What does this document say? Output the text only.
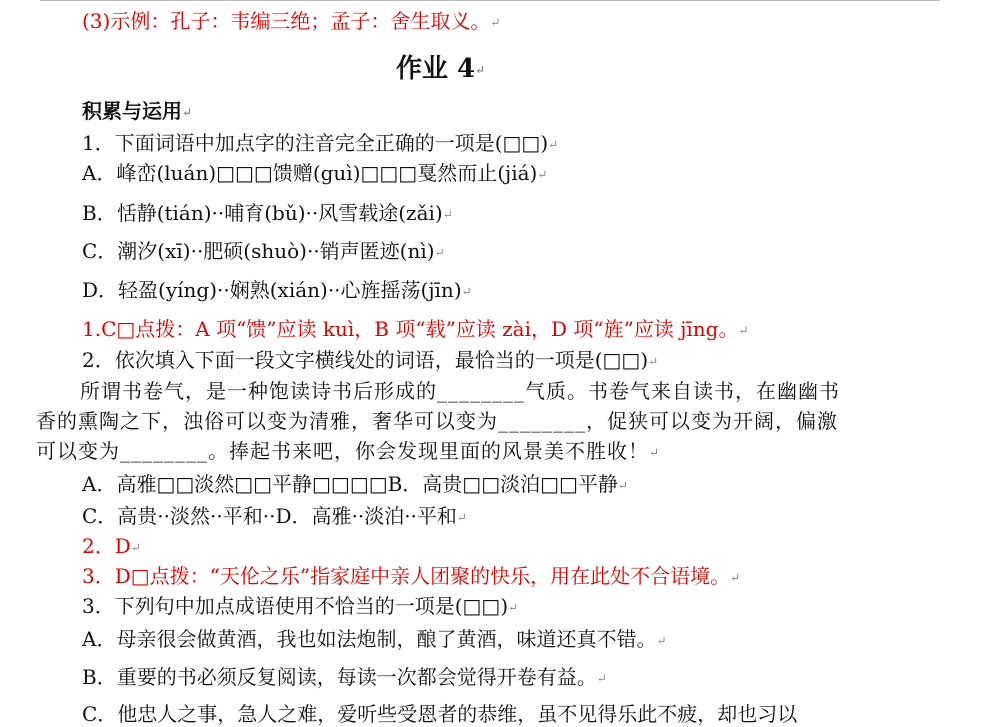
(3)示例：孔子：韦编三绝；孟子：舍生取义。↵
作业 4↵
积累与运用↵
1．下面词语中加点字的注音完全正确的一项是(□□)↵
A．峰峦(luán)□□□馈赠(guì)□□□戛然而止(jiá)↵
B．恬静(tián)··哺育(bǔ)··风雪载途(zǎi)↵
C．潮汐(xī)··肥硕(shuò)··销声匿迹(nì)↵
D．轻盈(yíng)··娴熟(xián)··心旌摇荡(jīn)↵
1.C□点拨：A 项“馈”应读 kuì，B 项“载”应读 zài，D 项“旌”应读 jīng。↵
2．依次填入下面一段文字横线处的词语，最恰当的一项是(□□)↵
所谓书卷气，是一种饱读诗书后形成的________气质。书卷气来自读书，在幽幽书
香的熏陶之下，浊俗可以变为清雅，奢华可以变为________，促狭可以变为开阔，偏激
可以变为________。捧起书来吧，你会发现里面的风景美不胜收！↵
A．高雅□□淡然□□平静□□□□B．高贵□□淡泊□□平静↵
C．高贵··淡然··平和··D．高雅··淡泊··平和↵
2．D↵
3．D□点拨：“天伦之乐”指家庭中亲人团聚的快乐，用在此处不合语境。↵
3．下列句中加点成语使用不恰当的一项是(□□)↵
A．母亲很会做黄酒，我也如法炮制，酿了黄酒，味道还真不错。↵
B．重要的书必须反复阅读，每读一次都会觉得开卷有益。↵
C．他忠人之事，急人之难，爱听些受恩者的恭维，虽不见得乐此不疲，却也习以
